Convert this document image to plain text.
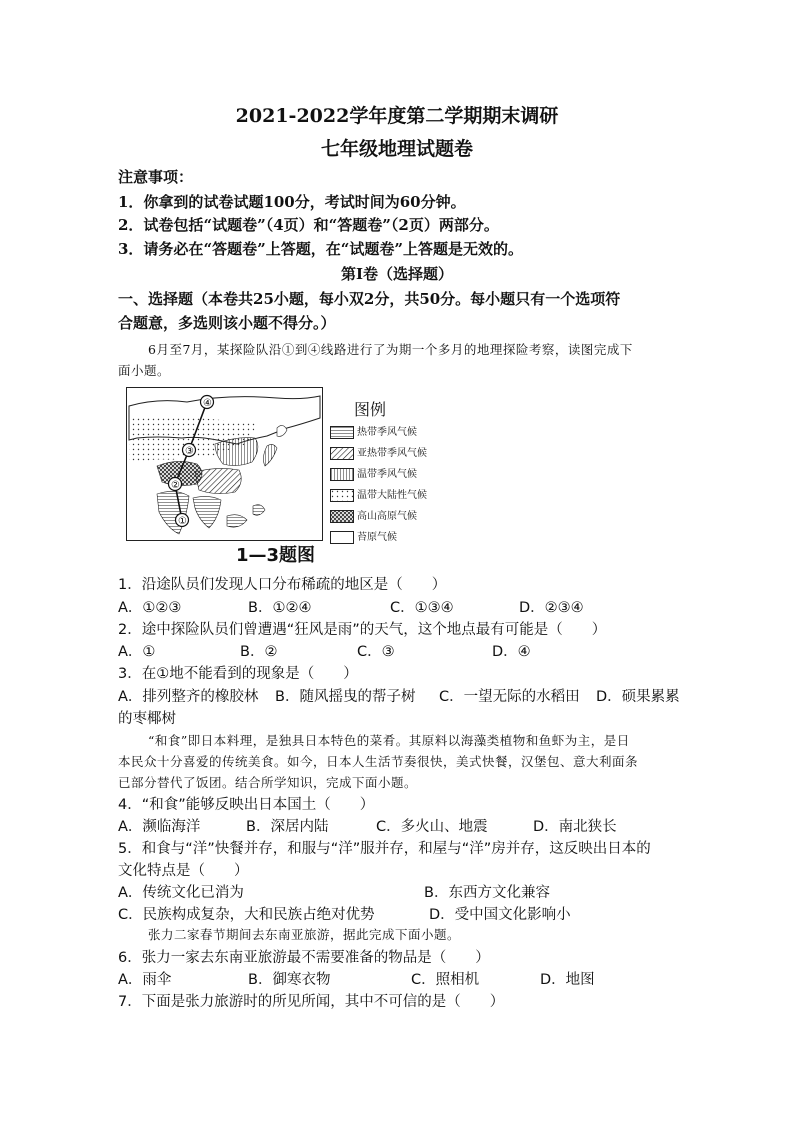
2021-2022学年度第二学期期末调研
七年级地理试题卷
注意事项：
1．你拿到的试卷试题100分，考试时间为60分钟。
2．试卷包括“试题卷”（4页）和“答题卷”（2页）两部分。
3．请务必在“答题卷”上答题，在“试题卷”上答题是无效的。
第Ⅰ卷（选择题）
一、选择题（本卷共25小题，每小双2分，共50分。每小题只有一个选项符
合题意，多选则该小题不得分。）
6月至7月，某探险队沿①到④线路进行了为期一个多月的地理探险考察，读图完成下
面小题。
①
②
③
④	图例
热带季风气候
亚热带季风气候
温带季风气候
温带大陆性气候
高山高原气候
苔原气候
1—3题图
1．沿途队员们发现人口分布稀疏的地区是（　　）
A．①②③	B．①②④	C．①③④	D．②③④
2．途中探险队员们曾遭遇“狂风是雨”的天气，这个地点最有可能是（　　）
A．①	B．②	C．③	D．④
3．在①地不能看到的现象是（　　）
A．排列整齐的橡胶林 B．随风摇曳的帮子树 C．一望无际的水稻田 D．硕果累累
的枣椰树
“和食”即日本料理，是独具日本特色的菜肴。其原料以海藻类植物和鱼虾为主，是日
本民众十分喜爱的传统美食。如今，日本人生活节奏很快，美式快餐，汉堡包、意大利面条
已部分替代了饭团。结合所学知识，完成下面小题。
4．“和食”能够反映出日本国土（　　）
A．濒临海洋	B．深居内陆	C．多火山、地震	D．南北狭长
5．和食与“洋”快餐并存，和服与“洋”服并存，和屋与“洋”房并存，这反映出日本的
文化特点是（　　）
A．传统文化已消为	B．东西方文化兼容
C．民族构成复杂，大和民族占绝对优势	D．受中国文化影响小
张力二家春节期间去东南亚旅游，据此完成下面小题。
6．张力一家去东南亚旅游最不需要准备的物品是（　　）
A．雨伞	B．御寒衣物	C．照相机	D．地图
7．下面是张力旅游时的所见所闻，其中不可信的是（　　）
